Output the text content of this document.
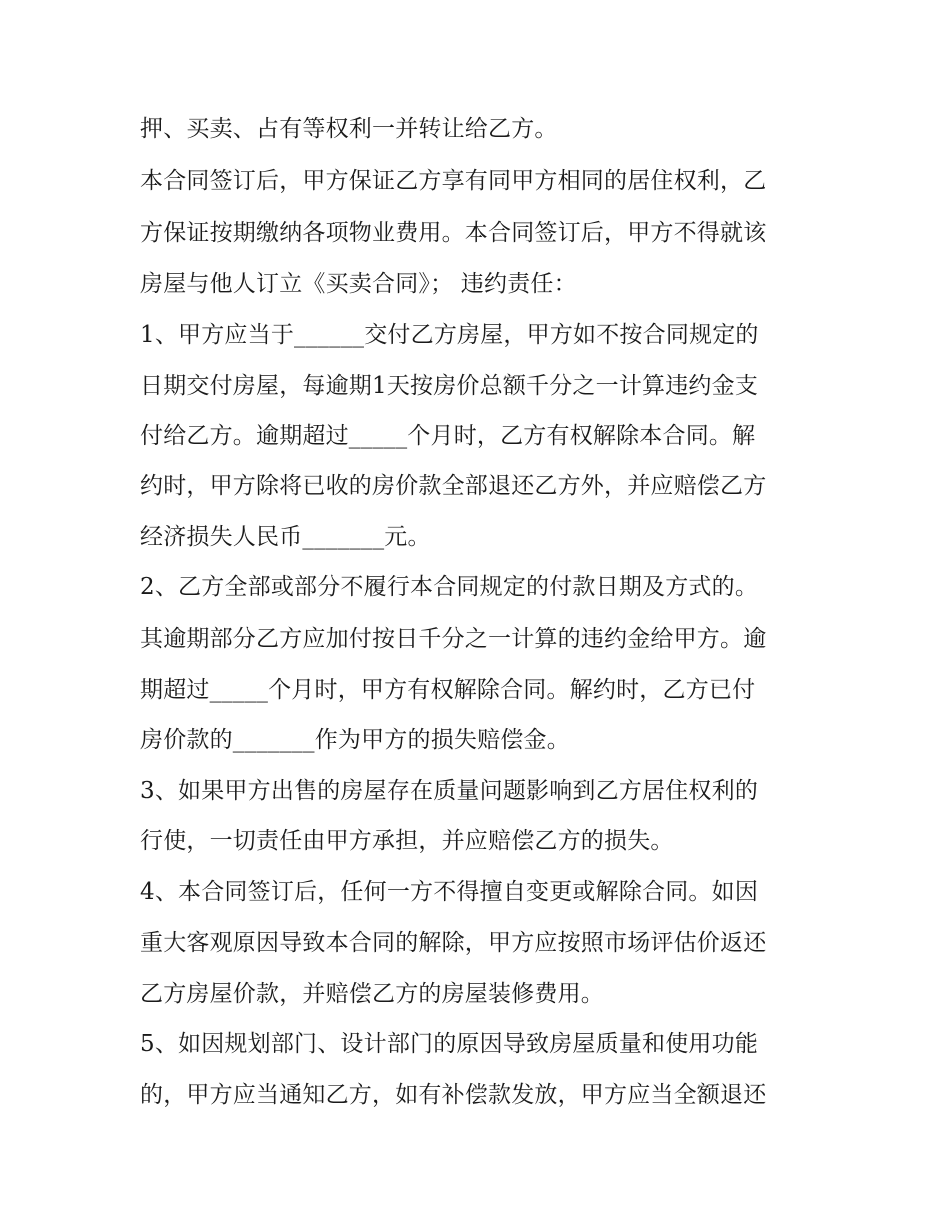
押、买卖、占有等权利一并转让给乙方。
本合同签订后，甲方保证乙方享有同甲方相同的居住权利，乙
方保证按期缴纳各项物业费用。本合同签订后，甲方不得就该
房屋与他人订立《买卖合同》； 违约责任：
1、甲方应当于______交付乙方房屋，甲方如不按合同规定的
日期交付房屋，每逾期1天按房价总额千分之一计算违约金支
付给乙方。逾期超过_____个月时，乙方有权解除本合同。解
约时，甲方除将已收的房价款全部退还乙方外，并应赔偿乙方
经济损失人民币_______元。
2、乙方全部或部分不履行本合同规定的付款日期及方式的。
其逾期部分乙方应加付按日千分之一计算的违约金给甲方。逾
期超过_____个月时，甲方有权解除合同。解约时，乙方已付
房价款的_______作为甲方的损失赔偿金。
3、如果甲方出售的房屋存在质量问题影响到乙方居住权利的
行使，一切责任由甲方承担，并应赔偿乙方的损失。
4、本合同签订后，任何一方不得擅自变更或解除合同。如因
重大客观原因导致本合同的解除，甲方应按照市场评估价返还
乙方房屋价款，并赔偿乙方的房屋装修费用。
5、如因规划部门、设计部门的原因导致房屋质量和使用功能
的，甲方应当通知乙方，如有补偿款发放，甲方应当全额退还
